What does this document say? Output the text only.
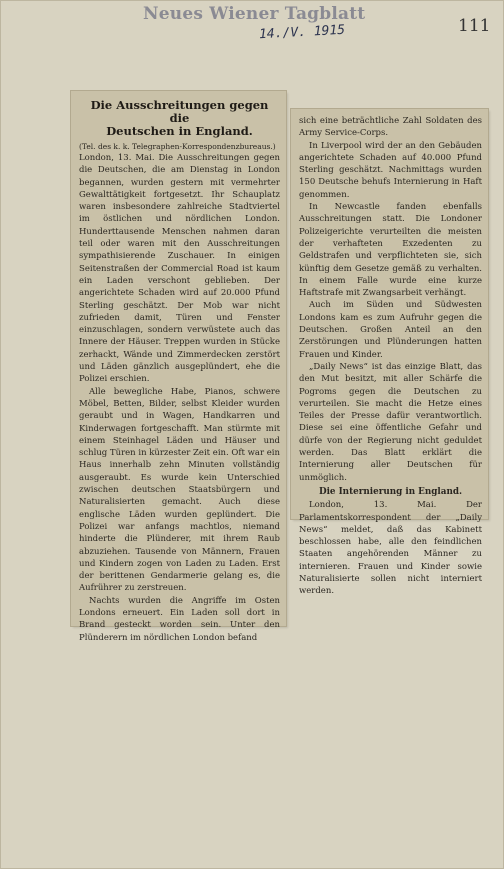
Neues Wiener Tagblatt
14./V. 1915	111
Die Ausschreitungen gegen die
Deutschen in England.

(Tel. des k. k. Telegraphen-Korrespondenzbureaus.)

London, 13. Mai. Die Ausschreitungen gegen die Deutschen, die am Dienstag in London begannen, wurden gestern mit vermehrter Gewalttätigkeit fortgesetzt. Ihr Schauplatz waren insbesondere zahlreiche Stadtviertel im östlichen und nördlichen London. Hunderttausende Menschen nahmen daran teil oder waren mit den Ausschreitungen sympathisierende Zuschauer. In einigen Seitenstraßen der Commercial Road ist kaum ein Laden verschont geblieben. Der angerichtete Schaden wird auf 20.000 Pfund Sterling geschätzt. Der Mob war nicht zufrieden damit, Türen und Fenster einzuschlagen, sondern verwüstete auch das Innere der Häuser. Treppen wurden in Stücke zerhackt, Wände und Zimmerdecken zerstört und Läden gänzlich ausgeplündert, ehe die Polizei erschien.

Alle bewegliche Habe, Pianos, schwere Möbel, Betten, Bilder, selbst Kleider wurden geraubt und in Wagen, Handkarren und Kinderwagen fortgeschafft. Man stürmte mit einem Steinhagel Läden und Häuser und schlug Türen in kürzester Zeit ein. Oft war ein Haus innerhalb zehn Minuten vollständig ausgeraubt. Es wurde kein Unterschied zwischen deutschen Staatsbürgern und Naturalisierten gemacht. Auch diese englische Läden wurden geplündert. Die Polizei war anfangs machtlos, niemand hinderte die Plünderer, mit ihrem Raub abzuziehen. Tausende von Männern, Frauen und Kindern zogen von Laden zu Laden. Erst der berittenen Gendarmerie gelang es, die Aufrührer zu zerstreuen.

Nachts wurden die Angriffe im Osten Londons erneuert. Ein Laden soll dort in Brand gesteckt worden sein. Unter den Plünderern im nördlichen London befand

sich eine beträchtliche Zahl Soldaten des Army Service-Corps.

In Liverpool wird der an den Gebäuden angerichtete Schaden auf 40.000 Pfund Sterling geschätzt. Nachmittags wurden 150 Deutsche behufs Internierung in Haft genommen.

In Newcastle fanden ebenfalls Ausschreitungen statt. Die Londoner Polizeigerichte verurteilten die meisten der verhafteten Exzedenten zu Geldstrafen und verpflichteten sie, sich künftig dem Gesetze gemäß zu verhalten. In einem Falle wurde eine kurze Haftstrafe mit Zwangsarbeit verhängt.

Auch im Süden und Südwesten Londons kam es zum Aufruhr gegen die Deutschen. Großen Anteil an den Zerstörungen und Plünderungen hatten Frauen und Kinder.

„Daily News“ ist das einzige Blatt, das den Mut besitzt, mit aller Schärfe die Pogroms gegen die Deutschen zu verurteilen. Sie macht die Hetze eines Teiles der Presse dafür verantwortlich. Diese sei eine öffentliche Gefahr und dürfe von der Regierung nicht geduldet werden. Das Blatt erklärt die Internierung aller Deutschen für unmöglich.

Die Internierung in England.

London, 13. Mai. Der Parlamentskorrespondent der „Daily News“ meldet, daß das Kabinett beschlossen habe, alle den feindlichen Staaten angehörenden Männer zu internieren. Frauen und Kinder sowie Naturalisierte sollen nicht interniert werden.
